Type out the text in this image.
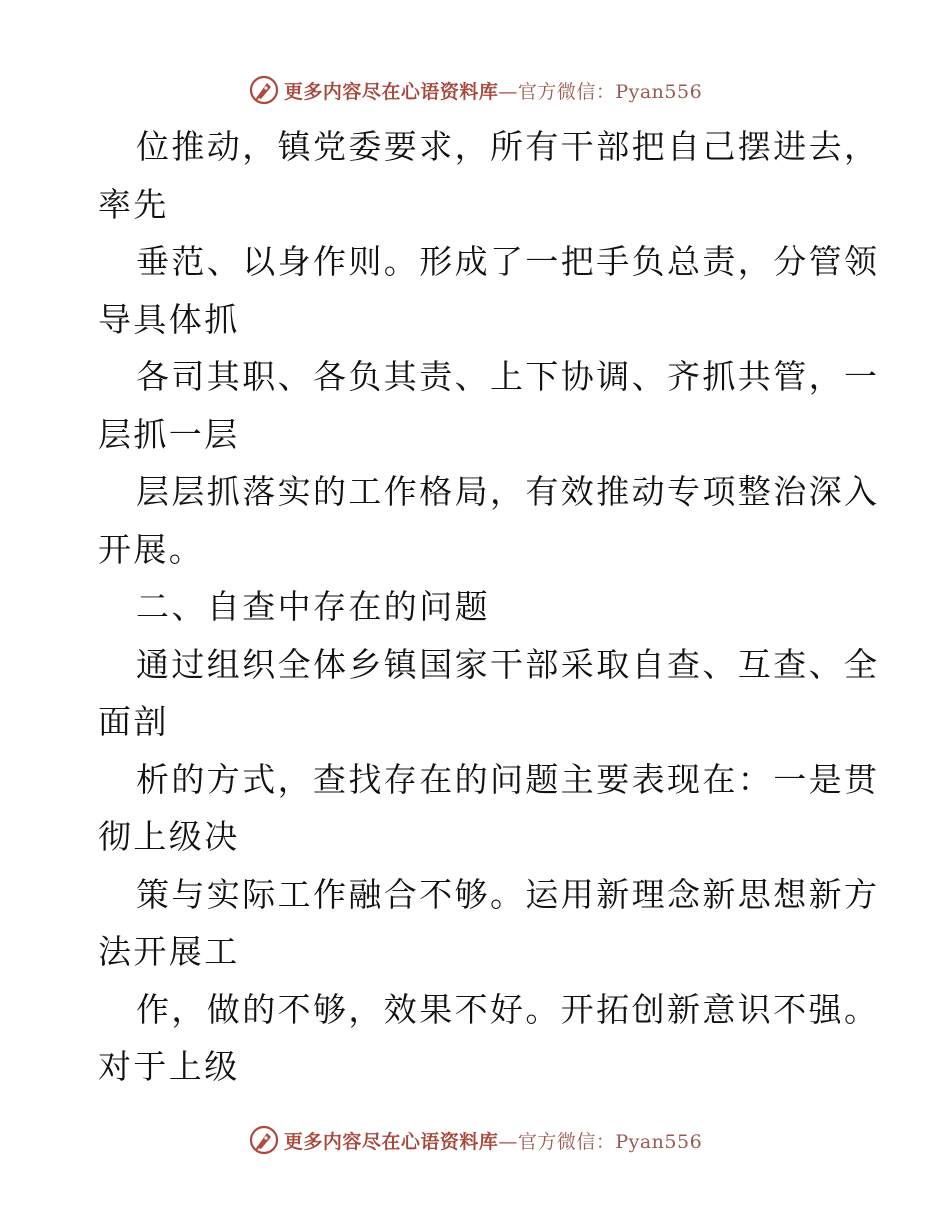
更多内容尽在心语资料库—官方微信：Pyan556
位推动，镇党委要求，所有干部把自己摆进去，
率先
垂范、以身作则。形成了一把手负总责，分管领
导具体抓
各司其职、各负其责、上下协调、齐抓共管，一
层抓一层
层层抓落实的工作格局，有效推动专项整治深入
开展。
二、自查中存在的问题
通过组织全体乡镇国家干部采取自查、互查、全
面剖
析的方式，查找存在的问题主要表现在：一是贯
彻上级决
策与实际工作融合不够。运用新理念新思想新方
法开展工
作，做的不够，效果不好。开拓创新意识不强。
对于上级
更多内容尽在心语资料库—官方微信：Pyan556
